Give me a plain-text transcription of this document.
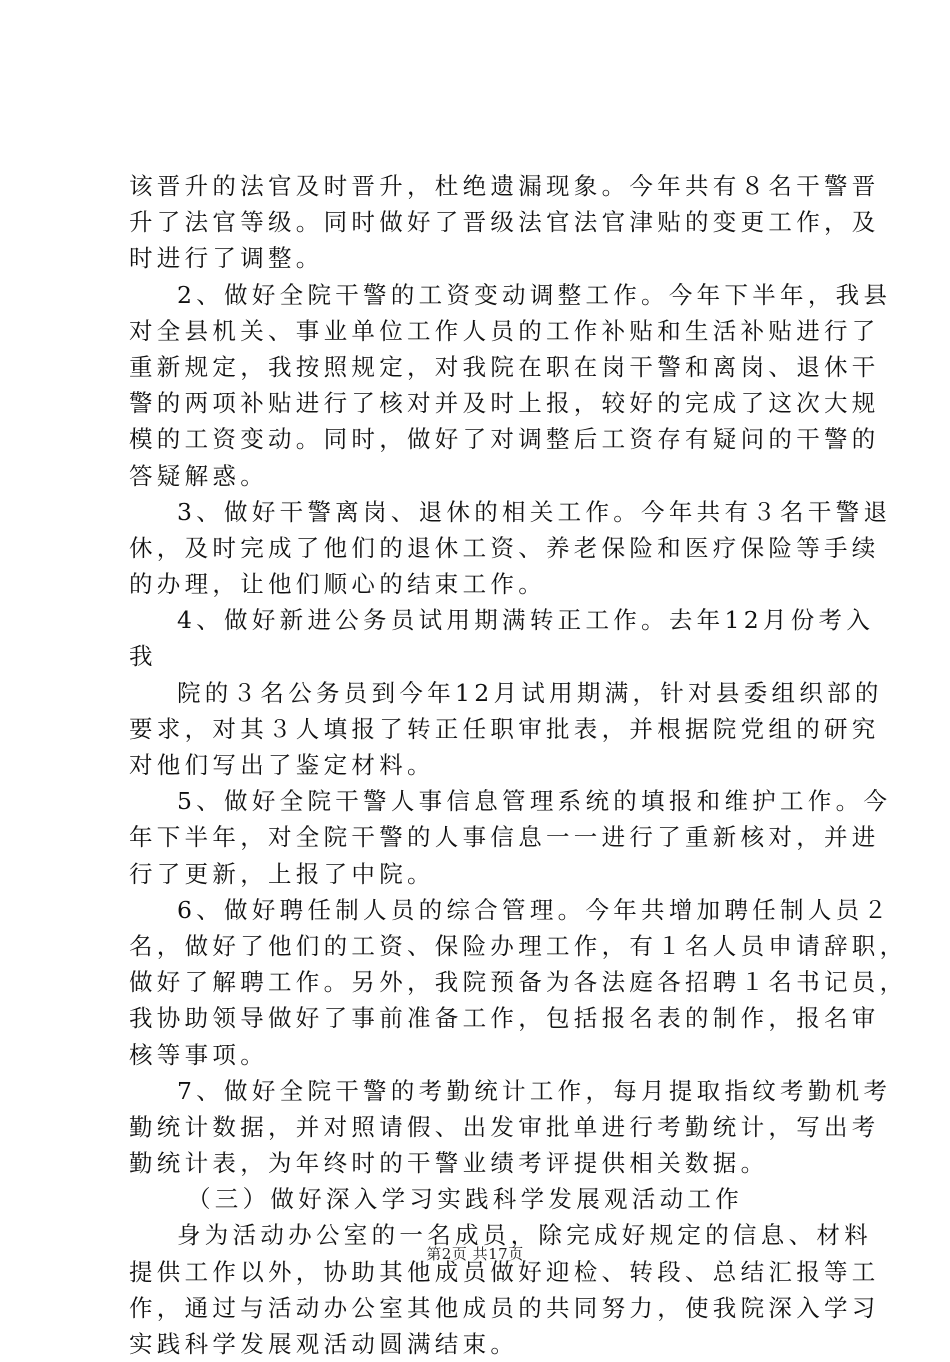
该晋升的法官及时晋升，杜绝遗漏现象。今年共有８名干警晋
升了法官等级。同时做好了晋级法官法官津贴的变更工作，及
时进行了调整。
2、做好全院干警的工资变动调整工作。今年下半年，我县
对全县机关、事业单位工作人员的工作补贴和生活补贴进行了
重新规定，我按照规定，对我院在职在岗干警和离岗、退休干
警的两项补贴进行了核对并及时上报，较好的完成了这次大规
模的工资变动。同时，做好了对调整后工资存有疑问的干警的
答疑解惑。
3、做好干警离岗、退休的相关工作。今年共有３名干警退
休，及时完成了他们的退休工资、养老保险和医疗保险等手续
的办理，让他们顺心的结束工作。
4、做好新进公务员试用期满转正工作。去年12月份考入
我
院的３名公务员到今年12月试用期满，针对县委组织部的
要求，对其３人填报了转正任职审批表，并根据院党组的研究
对他们写出了鉴定材料。
5、做好全院干警人事信息管理系统的填报和维护工作。今
年下半年，对全院干警的人事信息一一进行了重新核对，并进
行了更新，上报了中院。
6、做好聘任制人员的综合管理。今年共增加聘任制人员２
名，做好了他们的工资、保险办理工作，有１名人员申请辞职，
做好了解聘工作。另外，我院预备为各法庭各招聘１名书记员，
我协助领导做好了事前准备工作，包括报名表的制作，报名审
核等事项。
7、做好全院干警的考勤统计工作，每月提取指纹考勤机考
勤统计数据，并对照请假、出发审批单进行考勤统计，写出考
勤统计表，为年终时的干警业绩考评提供相关数据。
（三）做好深入学习实践科学发展观活动工作
身为活动办公室的一名成员，除完成好规定的信息、材料
提供工作以外，协助其他成员做好迎检、转段、总结汇报等工
作，通过与活动办公室其他成员的共同努力，使我院深入学习
实践科学发展观活动圆满结束。
第2页 共17页
